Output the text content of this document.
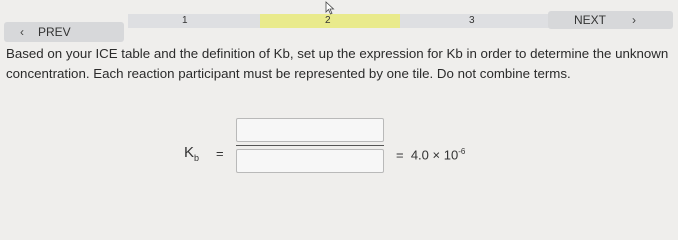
1	2	3
‹ PREV
NEXT ›
Based on your ICE table and the definition of Kb, set up the expression for Kb in order to determine the unknown concentration. Each reaction participant must be represented by one tile. Do not combine terms.
$K_b$ =	= $4.0 \times 10^{-6}$
